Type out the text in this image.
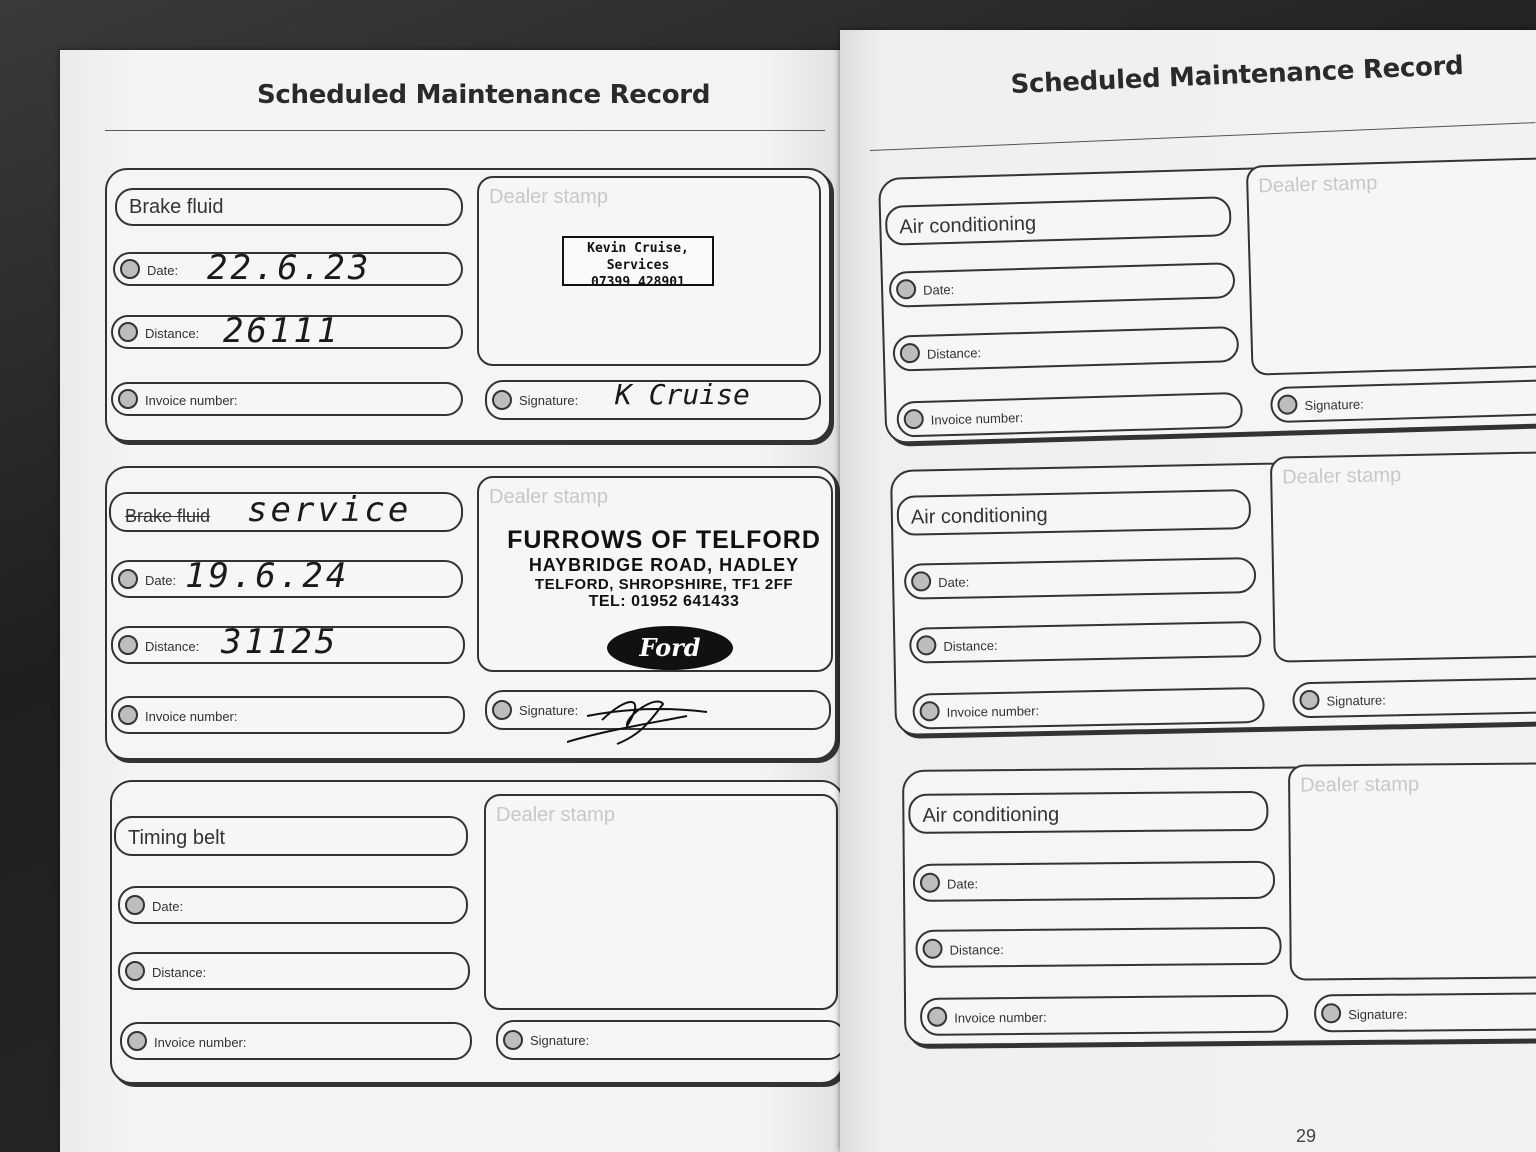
Scheduled Maintenance Record
Brake fluid
Date: 22.6.23
Distance: 26111
Invoice number:
Dealer stamp
Kevin Cruise, Services
07399 428901
Signature: K Cruise
Brake fluid service
Date: 19.6.24
Distance: 31125
Invoice number:
Dealer stamp
FURROWS OF TELFORD
HAYBRIDGE ROAD, HADLEY
TELFORD, SHROPSHIRE, TF1 2FF
TEL: 01952 641433
Ford
Signature:
Timing belt
Date:
Distance:
Invoice number:
Dealer stamp
Signature:
Scheduled Maintenance Record
Air conditioning
Date:
Distance:
Invoice number:
Dealer stamp
Signature:
Air conditioning
Date:
Distance:
Invoice number:
Dealer stamp
Signature:
Air conditioning
Date:
Distance:
Invoice number:
Dealer stamp
Signature:
29
